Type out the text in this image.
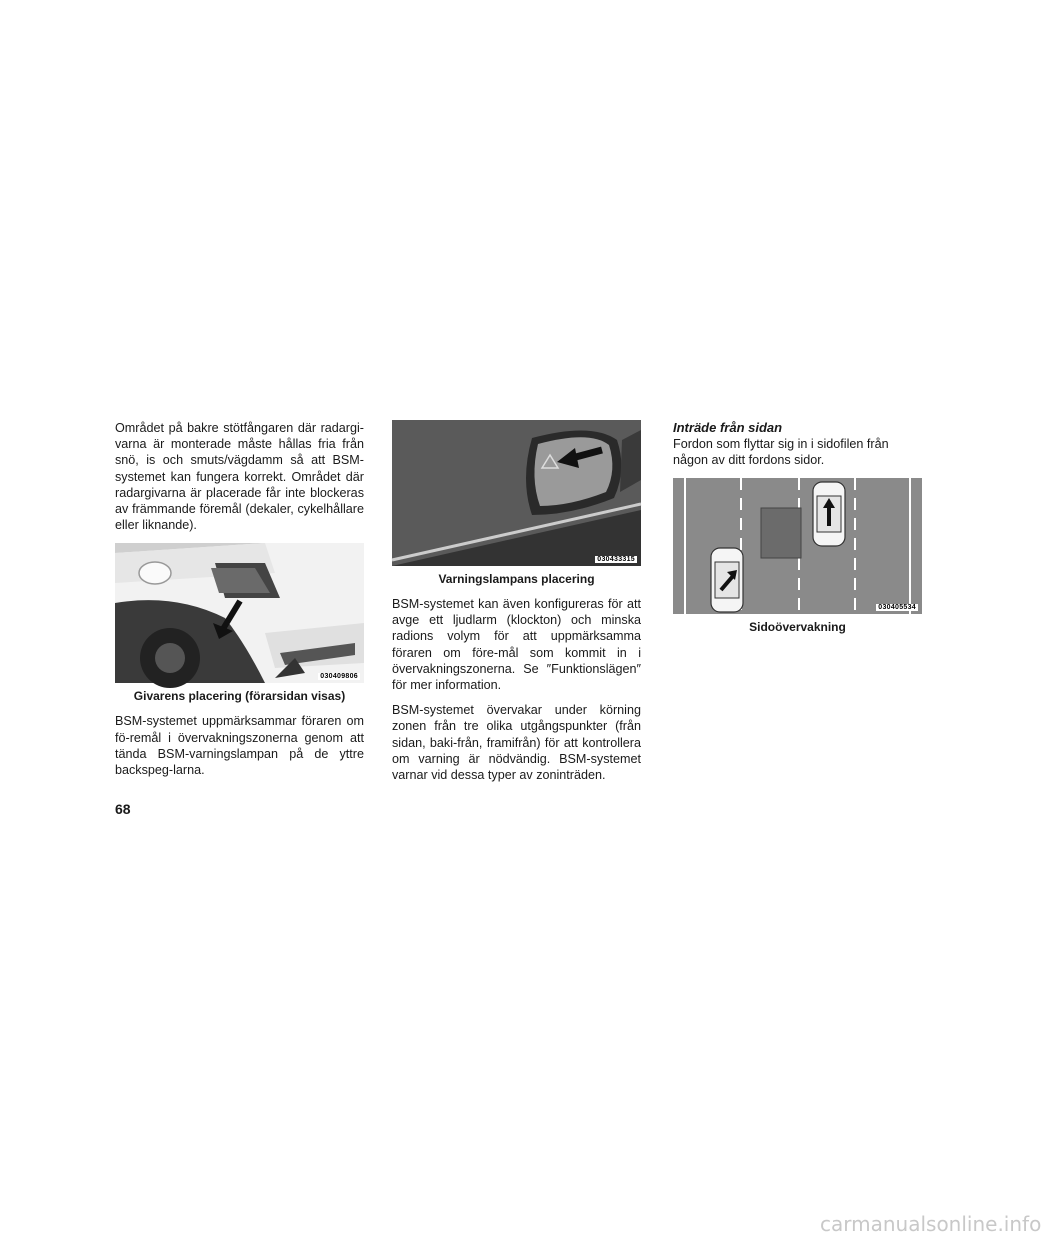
Området på bakre stötfångaren där radargi-varna är monterade måste hållas fria från snö, is och smuts/vägdamm så att BSM-systemet kan fungera korrekt. Området där radargivarna är placerade får inte blockeras av främmande föremål (dekaler, cykelhållare eller liknande).

030409806
Givarens placering (förarsidan visas)

BSM-systemet uppmärksammar föraren om fö-remål i övervakningszonerna genom att tända BSM-varningslampan på de yttre backspeg-larna.

030433315
Varningslampans placering

BSM-systemet kan även konfigureras för att avge ett ljudlarm (klockton) och minska radions volym för att uppmärksamma föraren om före-mål som kommit in i övervakningszonerna. Se ″Funktionslägen″ för mer information.

BSM-systemet övervakar under körning zonen från tre olika utgångspunkter (från sidan, baki-från, framifrån) för att kontrollera om varning är nödvändig. BSM-systemet varnar vid dessa typer av zoninträden.

Inträde från sidan

Fordon som flyttar sig in i sidofilen från någon av ditt fordons sidor.

030405534
Sidoövervakning
68
carmanualsonline.info
